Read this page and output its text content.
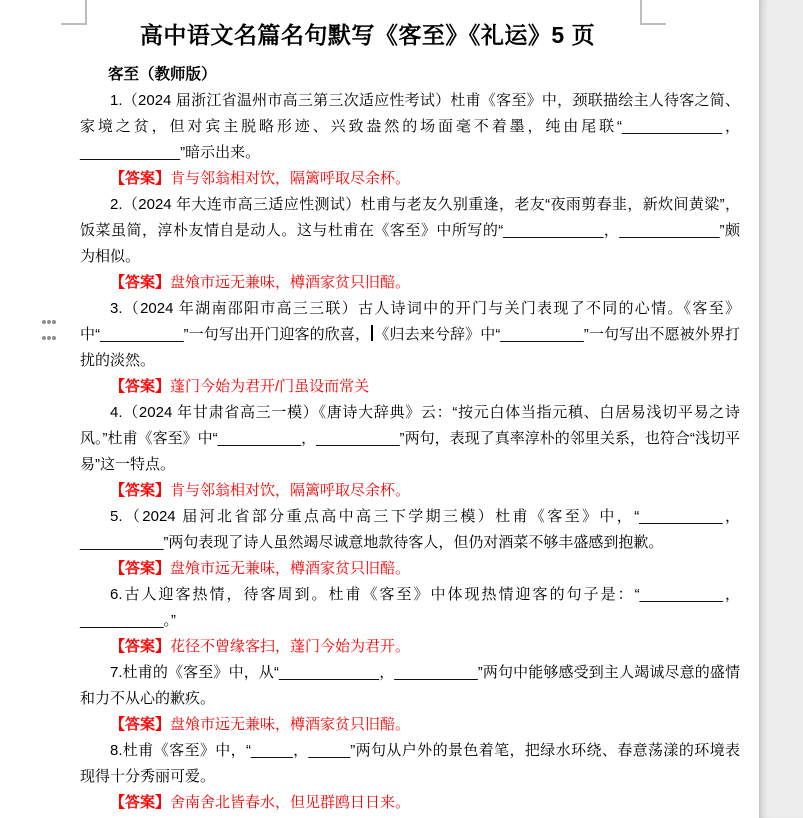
高中语文名篇名句默写《客至》《礼运》5 页
客至（教师版）

1.（2024 届浙江省温州市高三第三次适应性考试）杜甫《客至》中，颈联描绘主人待客之简、家境之贫，但对宾主脱略形迹、兴致盎然的场面毫不着墨，纯由尾联“____________，____________”暗示出来。

【答案】肯与邻翁相对饮，隔篱呼取尽余杯。

2.（2024 年大连市高三适应性测试）杜甫与老友久别重逢，老友“夜雨剪春韭，新炊间黄粱”，饭菜虽简，淳朴友情自是动人。这与杜甫在《客至》中所写的“____________，____________”颇为相似。

【答案】盘飧市远无兼味，樽酒家贫只旧醅。

3.（2024 年湖南邵阳市高三三联）古人诗词中的开门与关门表现了不同的心情。《客至》中“__________”一句写出开门迎客的欣喜， 《归去来兮辞》中“__________”一句写出不愿被外界打扰的淡然。

【答案】蓬门今始为君开/门虽设而常关

4.（2024 年甘肃省高三一模）《唐诗大辞典》云：“按元白体当指元稹、白居易浅切平易之诗风。”杜甫《客至》中“__________，__________”两句，表现了真率淳朴的邻里关系，也符合“浅切平易”这一特点。

【答案】肯与邻翁相对饮，隔篱呼取尽余杯。

5.（2024 届河北省部分重点高中高三下学期三模）杜甫《客至》中，“__________，__________”两句表现了诗人虽然竭尽诚意地款待客人，但仍对酒菜不够丰盛感到抱歉。

【答案】盘飧市远无兼味，樽酒家贫只旧醅。

6.古人迎客热情，待客周到。杜甫《客至》中体现热情迎客的句子是：“__________，__________。”

【答案】花径不曾缘客扫，蓬门今始为君开。

7.杜甫的《客至》中，从“____________，__________”两句中能够感受到主人竭诚尽意的盛情和力不从心的歉疚。

【答案】盘飧市远无兼味，樽酒家贫只旧醅。

8.杜甫《客至》中，“_____，_____”两句从户外的景色着笔，把绿水环绕、春意荡漾的环境表现得十分秀丽可爱。

【答案】舍南舍北皆春水，但见群鸥日日来。
